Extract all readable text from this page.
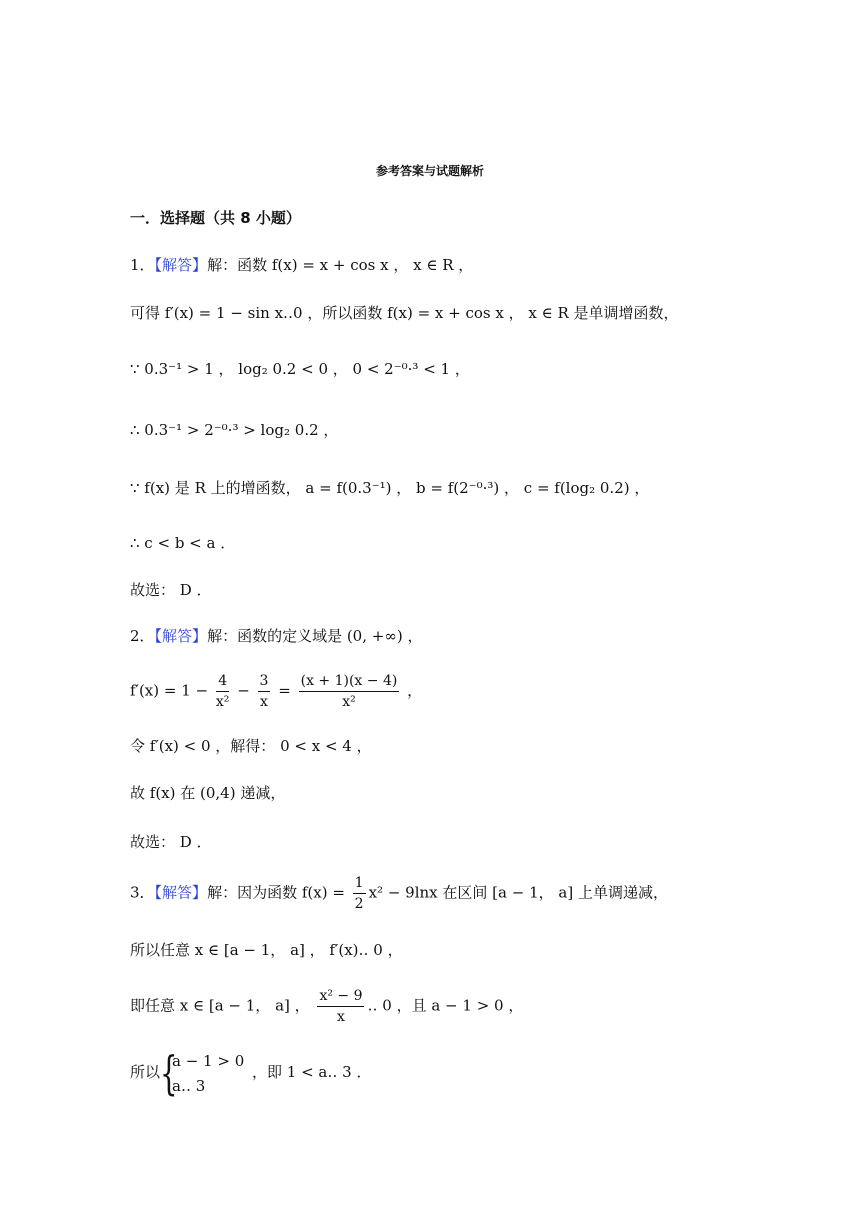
参考答案与试题解析
一．选择题（共 8 小题）
1．【解答】解：函数 f(x) = x + cos x ， x ∈ R ，
可得 f′(x) = 1 − sin x‥0 ，所以函数 f(x) = x + cos x ， x ∈ R 是单调增函数，
∵ 0.3⁻¹ > 1 ， log₂ 0.2 < 0 ， 0 < 2⁻⁰·³ < 1 ，
∴ 0.3⁻¹ > 2⁻⁰·³ > log₂ 0.2 ，
∵ f(x) 是 R 上的增函数， a = f(0.3⁻¹) ， b = f(2⁻⁰·³) ， c = f(log₂ 0.2) ，
∴ c < b < a ．
故选： D ．
2．【解答】解：函数的定义域是 (0, +∞) ，
$f'(x) = 1 - \frac{4}{\text{x²}} - \frac{3}{x} = \frac{(x + 1)(x - 4)}{\text{x²}}$ ，
令 f′(x) < 0 ，解得： 0 < x < 4 ，
故 f(x) 在 (0,4) 递减，
故选： D ．
3．【解答】解：因为函数 $f(x) = \frac{1}{2} x^2 - 9\ln x$ 在区间 [a − 1， a] 上单调递减，
所以任意 x ∈ [a − 1， a] ， f′(x)‥ 0 ，
即任意 x ∈ [a − 1， a] ， $\frac{\text{x² − 9}}{x}$ ‥ 0 ，且 a − 1 > 0 ，
所以 {
a − 1 > 0
a‥ 3
，即 1 < a‥ 3 ．
